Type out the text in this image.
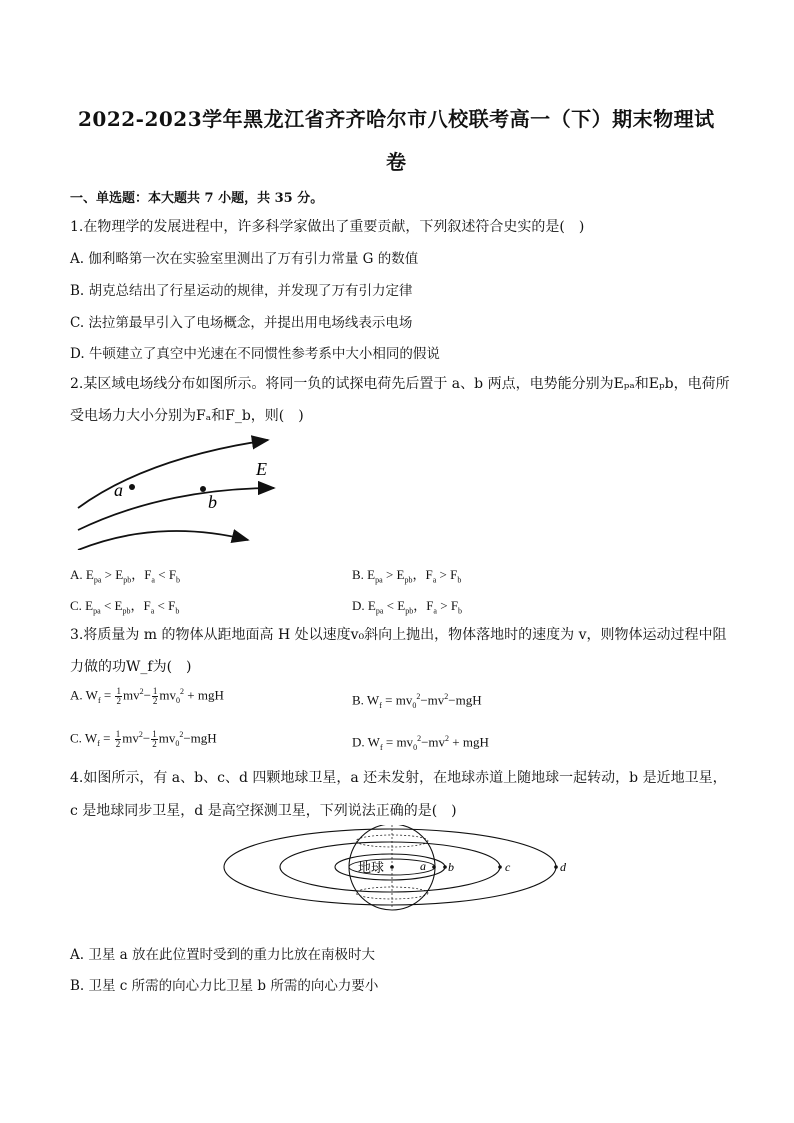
2022-2023学年黑龙江省齐齐哈尔市八校联考高一（下）期末物理试
卷
一、单选题：本大题共 7 小题，共 35 分。
1.在物理学的发展进程中，许多科学家做出了重要贡献，下列叙述符合史实的是(　)
A. 伽利略第一次在实验室里测出了万有引力常量 G 的数值
B. 胡克总结出了行星运动的规律，并发现了万有引力定律
C. 法拉第最早引入了电场概念，并提出用电场线表示电场
D. 牛顿建立了真空中光速在不同惯性参考系中大小相同的假说
2.某区域电场线分布如图所示。将同一负的试探电荷先后置于 a、b 两点，电势能分别为Eₚₐ和Eₚb，电荷所
受电场力大小分别为Fₐ和F_b，则(　)
a
b
E
A. $E_{pa} > E_{pb}$，$F_a < F_b$	B. $E_{pa} > E_{pb}$，$F_a > F_b$
C. $E_{pa} < E_{pb}$，$F_a < F_b$	D. $E_{pa} < E_{pb}$，$F_a > F_b$
3.将质量为 m 的物体从距地面高 H 处以速度v₀斜向上抛出，物体落地时的速度为 v，则物体运动过程中阻
力做的功W_f为(　)
A. $W_f = \frac{1}{2} mv^2- \frac{1}{2} mv_0^2$ + mgH	B. $W_f = mv_0^2-mv^2-mgH$
C. $W_f = \frac{1}{2} mv^2- \frac{1}{2} mv_0^2-mgH$	D. $W_f = mv_0^2-mv^2$ + mgH
4.如图所示，有 a、b、c、d 四颗地球卫星，a 还未发射，在地球赤道上随地球一起转动，b 是近地卫星，
c 是地球同步卫星，d 是高空探测卫星，下列说法正确的是(　)
地球	a b	c	d
A. 卫星 a 放在此位置时受到的重力比放在南极时大
B. 卫星 c 所需的向心力比卫星 b 所需的向心力要小
